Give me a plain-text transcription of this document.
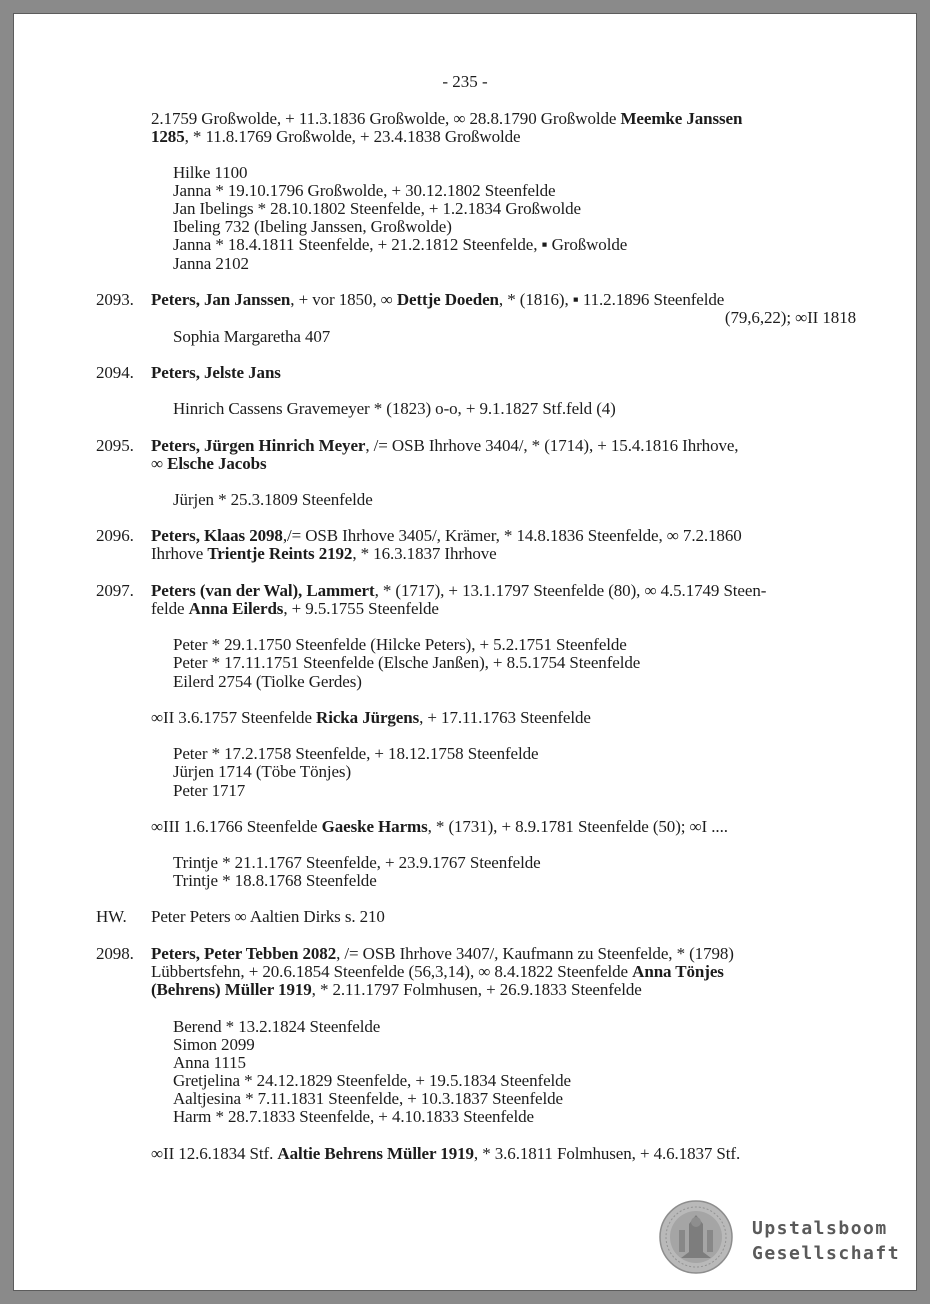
- 235 -
2.1759 Großwolde, + 11.3.1836 Großwolde, ∞ 28.8.1790 Großwolde Meemke Janssen
1285, * 11.8.1769 Großwolde, + 23.4.1838 Großwolde
Hilke 1100
Janna * 19.10.1796 Großwolde, + 30.12.1802 Steenfelde
Jan Ibelings * 28.10.1802 Steenfelde, + 1.2.1834 Großwolde
Ibeling 732 (Ibeling Janssen, Großwolde)
Janna * 18.4.1811 Steenfelde, + 21.2.1812 Steenfelde, ▪ Großwolde
Janna 2102
2093. Peters, Jan Janssen, + vor 1850, ∞ Dettje Doeden, * (1816), ▪ 11.2.1896 Steenfelde
(79,6,22); ∞II 1818
Sophia Margaretha 407
2094. Peters, Jelste Jans
Hinrich Cassens Gravemeyer * (1823) o-o, + 9.1.1827 Stf.feld (4)
2095. Peters, Jürgen Hinrich Meyer, /= OSB Ihrhove 3404/, * (1714), + 15.4.1816 Ihrhove,
∞ Elsche Jacobs
Jürjen * 25.3.1809 Steenfelde
2096. Peters, Klaas 2098,/= OSB Ihrhove 3405/, Krämer, * 14.8.1836 Steenfelde, ∞ 7.2.1860
Ihrhove Trientje Reints 2192, * 16.3.1837 Ihrhove
2097. Peters (van der Wal), Lammert, * (1717), + 13.1.1797 Steenfelde (80), ∞ 4.5.1749 Steen-
felde Anna Eilerds, + 9.5.1755 Steenfelde
Peter * 29.1.1750 Steenfelde (Hilcke Peters), + 5.2.1751 Steenfelde
Peter * 17.11.1751 Steenfelde (Elsche Janßen), + 8.5.1754 Steenfelde
Eilerd 2754 (Tiolke Gerdes)
∞II 3.6.1757 Steenfelde Ricka Jürgens, + 17.11.1763 Steenfelde
Peter * 17.2.1758 Steenfelde, + 18.12.1758 Steenfelde
Jürjen 1714 (Töbe Tönjes)
Peter 1717
∞III 1.6.1766 Steenfelde Gaeske Harms, * (1731), + 8.9.1781 Steenfelde (50); ∞I ....
Trintje * 21.1.1767 Steenfelde, + 23.9.1767 Steenfelde
Trintje * 18.8.1768 Steenfelde
HW. Peter Peters ∞ Aaltien Dirks s. 210
2098. Peters, Peter Tebben 2082, /= OSB Ihrhove 3407/, Kaufmann zu Steenfelde, * (1798)
Lübbertsfehn, + 20.6.1854 Steenfelde (56,3,14), ∞ 8.4.1822 Steenfelde Anna Tönjes
(Behrens) Müller 1919, * 2.11.1797 Folmhusen, + 26.9.1833 Steenfelde
Berend * 13.2.1824 Steenfelde
Simon 2099
Anna 1115
Gretjelina * 24.12.1829 Steenfelde, + 19.5.1834 Steenfelde
Aaltjesina * 7.11.1831 Steenfelde, + 10.3.1837 Steenfelde
Harm * 28.7.1833 Steenfelde, + 4.10.1833 Steenfelde
∞II 12.6.1834 Stf. Aaltie Behrens Müller 1919, * 3.6.1811 Folmhusen, + 4.6.1837 Stf.
Upstalsboom
Gesellschaft
